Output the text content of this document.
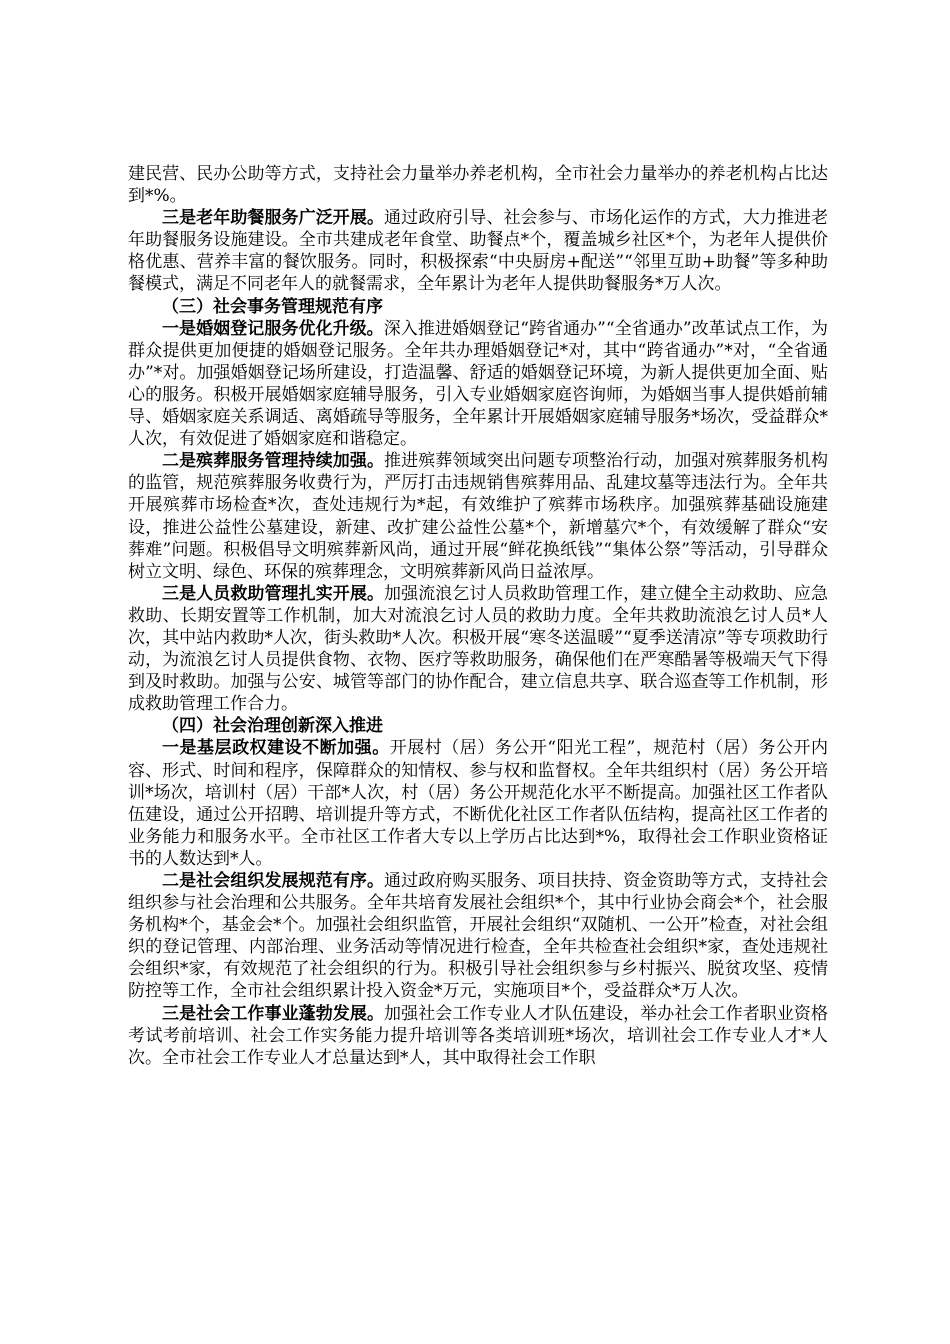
建民营、民办公助等方式，支持社会力量举办养老机构，全市社会力量举办的养老机构占比达到*%。

三是老年助餐服务广泛开展。通过政府引导、社会参与、市场化运作的方式，大力推进老年助餐服务设施建设。全市共建成老年食堂、助餐点*个，覆盖城乡社区*个，为老年人提供价格优惠、营养丰富的餐饮服务。同时，积极探索“中央厨房+配送”“邻里互助+助餐”等多种助餐模式，满足不同老年人的就餐需求，全年累计为老年人提供助餐服务*万人次。

（三）社会事务管理规范有序

一是婚姻登记服务优化升级。深入推进婚姻登记“跨省通办”“全省通办”改革试点工作，为群众提供更加便捷的婚姻登记服务。全年共办理婚姻登记*对，其中“跨省通办”*对，“全省通办”*对。加强婚姻登记场所建设，打造温馨、舒适的婚姻登记环境，为新人提供更加全面、贴心的服务。积极开展婚姻家庭辅导服务，引入专业婚姻家庭咨询师，为婚姻当事人提供婚前辅导、婚姻家庭关系调适、离婚疏导等服务，全年累计开展婚姻家庭辅导服务*场次，受益群众*人次，有效促进了婚姻家庭和谐稳定。

二是殡葬服务管理持续加强。推进殡葬领域突出问题专项整治行动，加强对殡葬服务机构的监管，规范殡葬服务收费行为，严厉打击违规销售殡葬用品、乱建坟墓等违法行为。全年共开展殡葬市场检查*次，查处违规行为*起，有效维护了殡葬市场秩序。加强殡葬基础设施建设，推进公益性公墓建设，新建、改扩建公益性公墓*个，新增墓穴*个，有效缓解了群众“安葬难”问题。积极倡导文明殡葬新风尚，通过开展“鲜花换纸钱”“集体公祭”等活动，引导群众树立文明、绿色、环保的殡葬理念，文明殡葬新风尚日益浓厚。

三是人员救助管理扎实开展。加强流浪乞讨人员救助管理工作，建立健全主动救助、应急救助、长期安置等工作机制，加大对流浪乞讨人员的救助力度。全年共救助流浪乞讨人员*人次，其中站内救助*人次，街头救助*人次。积极开展“寒冬送温暖”“夏季送清凉”等专项救助行动，为流浪乞讨人员提供食物、衣物、医疗等救助服务，确保他们在严寒酷暑等极端天气下得到及时救助。加强与公安、城管等部门的协作配合，建立信息共享、联合巡查等工作机制，形成救助管理工作合力。

（四）社会治理创新深入推进

一是基层政权建设不断加强。开展村（居）务公开“阳光工程”，规范村（居）务公开内容、形式、时间和程序，保障群众的知情权、参与权和监督权。全年共组织村（居）务公开培训*场次，培训村（居）干部*人次，村（居）务公开规范化水平不断提高。加强社区工作者队伍建设，通过公开招聘、培训提升等方式，不断优化社区工作者队伍结构，提高社区工作者的业务能力和服务水平。全市社区工作者大专以上学历占比达到*%，取得社会工作职业资格证书的人数达到*人。

二是社会组织发展规范有序。通过政府购买服务、项目扶持、资金资助等方式，支持社会组织参与社会治理和公共服务。全年共培育发展社会组织*个，其中行业协会商会*个，社会服务机构*个，基金会*个。加强社会组织监管，开展社会组织“双随机、一公开”检查，对社会组织的登记管理、内部治理、业务活动等情况进行检查，全年共检查社会组织*家，查处违规社会组织*家，有效规范了社会组织的行为。积极引导社会组织参与乡村振兴、脱贫攻坚、疫情防控等工作，全市社会组织累计投入资金*万元，实施项目*个，受益群众*万人次。

三是社会工作事业蓬勃发展。加强社会工作专业人才队伍建设，举办社会工作者职业资格考试考前培训、社会工作实务能力提升培训等各类培训班*场次，培训社会工作专业人才*人次。全市社会工作专业人才总量达到*人，其中取得社会工作职
